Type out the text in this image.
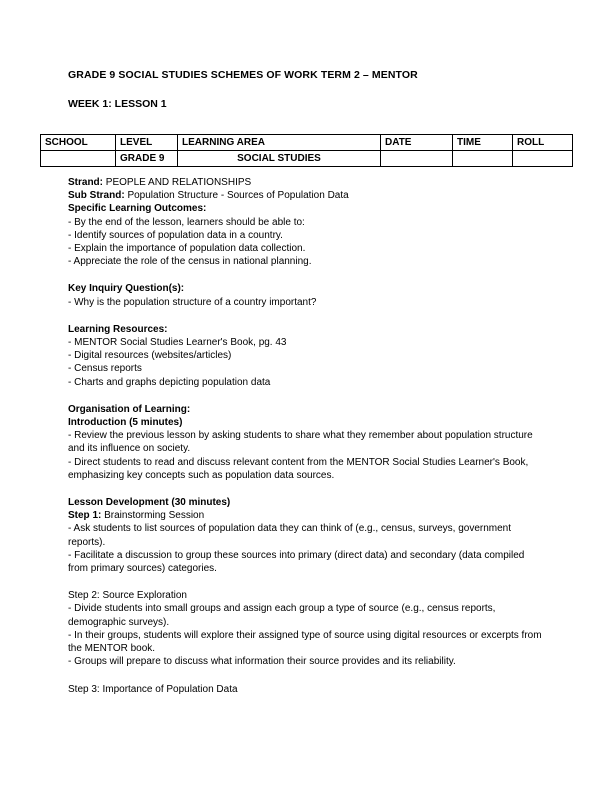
GRADE 9 SOCIAL STUDIES SCHEMES OF WORK TERM 2 – MENTOR
WEEK 1: LESSON 1
SCHOOL	LEVEL	LEARNING AREA	DATE	TIME	ROLL
	GRADE 9	SOCIAL STUDIES			
Strand: PEOPLE AND RELATIONSHIPS
Sub Strand: Population Structure - Sources of Population Data
Specific Learning Outcomes:
- By the end of the lesson, learners should be able to:
- Identify sources of population data in a country.
- Explain the importance of population data collection.
- Appreciate the role of the census in national planning.
Key Inquiry Question(s):
- Why is the population structure of a country important?
Learning Resources:
- MENTOR Social Studies Learner's Book, pg. 43
- Digital resources (websites/articles)
- Census reports
- Charts and graphs depicting population data
Organisation of Learning:
Introduction (5 minutes)
- Review the previous lesson by asking students to share what they remember about population structure and its influence on society.
- Direct students to read and discuss relevant content from the MENTOR Social Studies Learner's Book, emphasizing key concepts such as population data sources.
Lesson Development (30 minutes)
Step 1: Brainstorming Session
- Ask students to list sources of population data they can think of (e.g., census, surveys, government reports).
- Facilitate a discussion to group these sources into primary (direct data) and secondary (data compiled from primary sources) categories.
Step 2: Source Exploration
- Divide students into small groups and assign each group a type of source (e.g., census reports, demographic surveys).
- In their groups, students will explore their assigned type of source using digital resources or excerpts from the MENTOR book.
- Groups will prepare to discuss what information their source provides and its reliability.
Step 3: Importance of Population Data
